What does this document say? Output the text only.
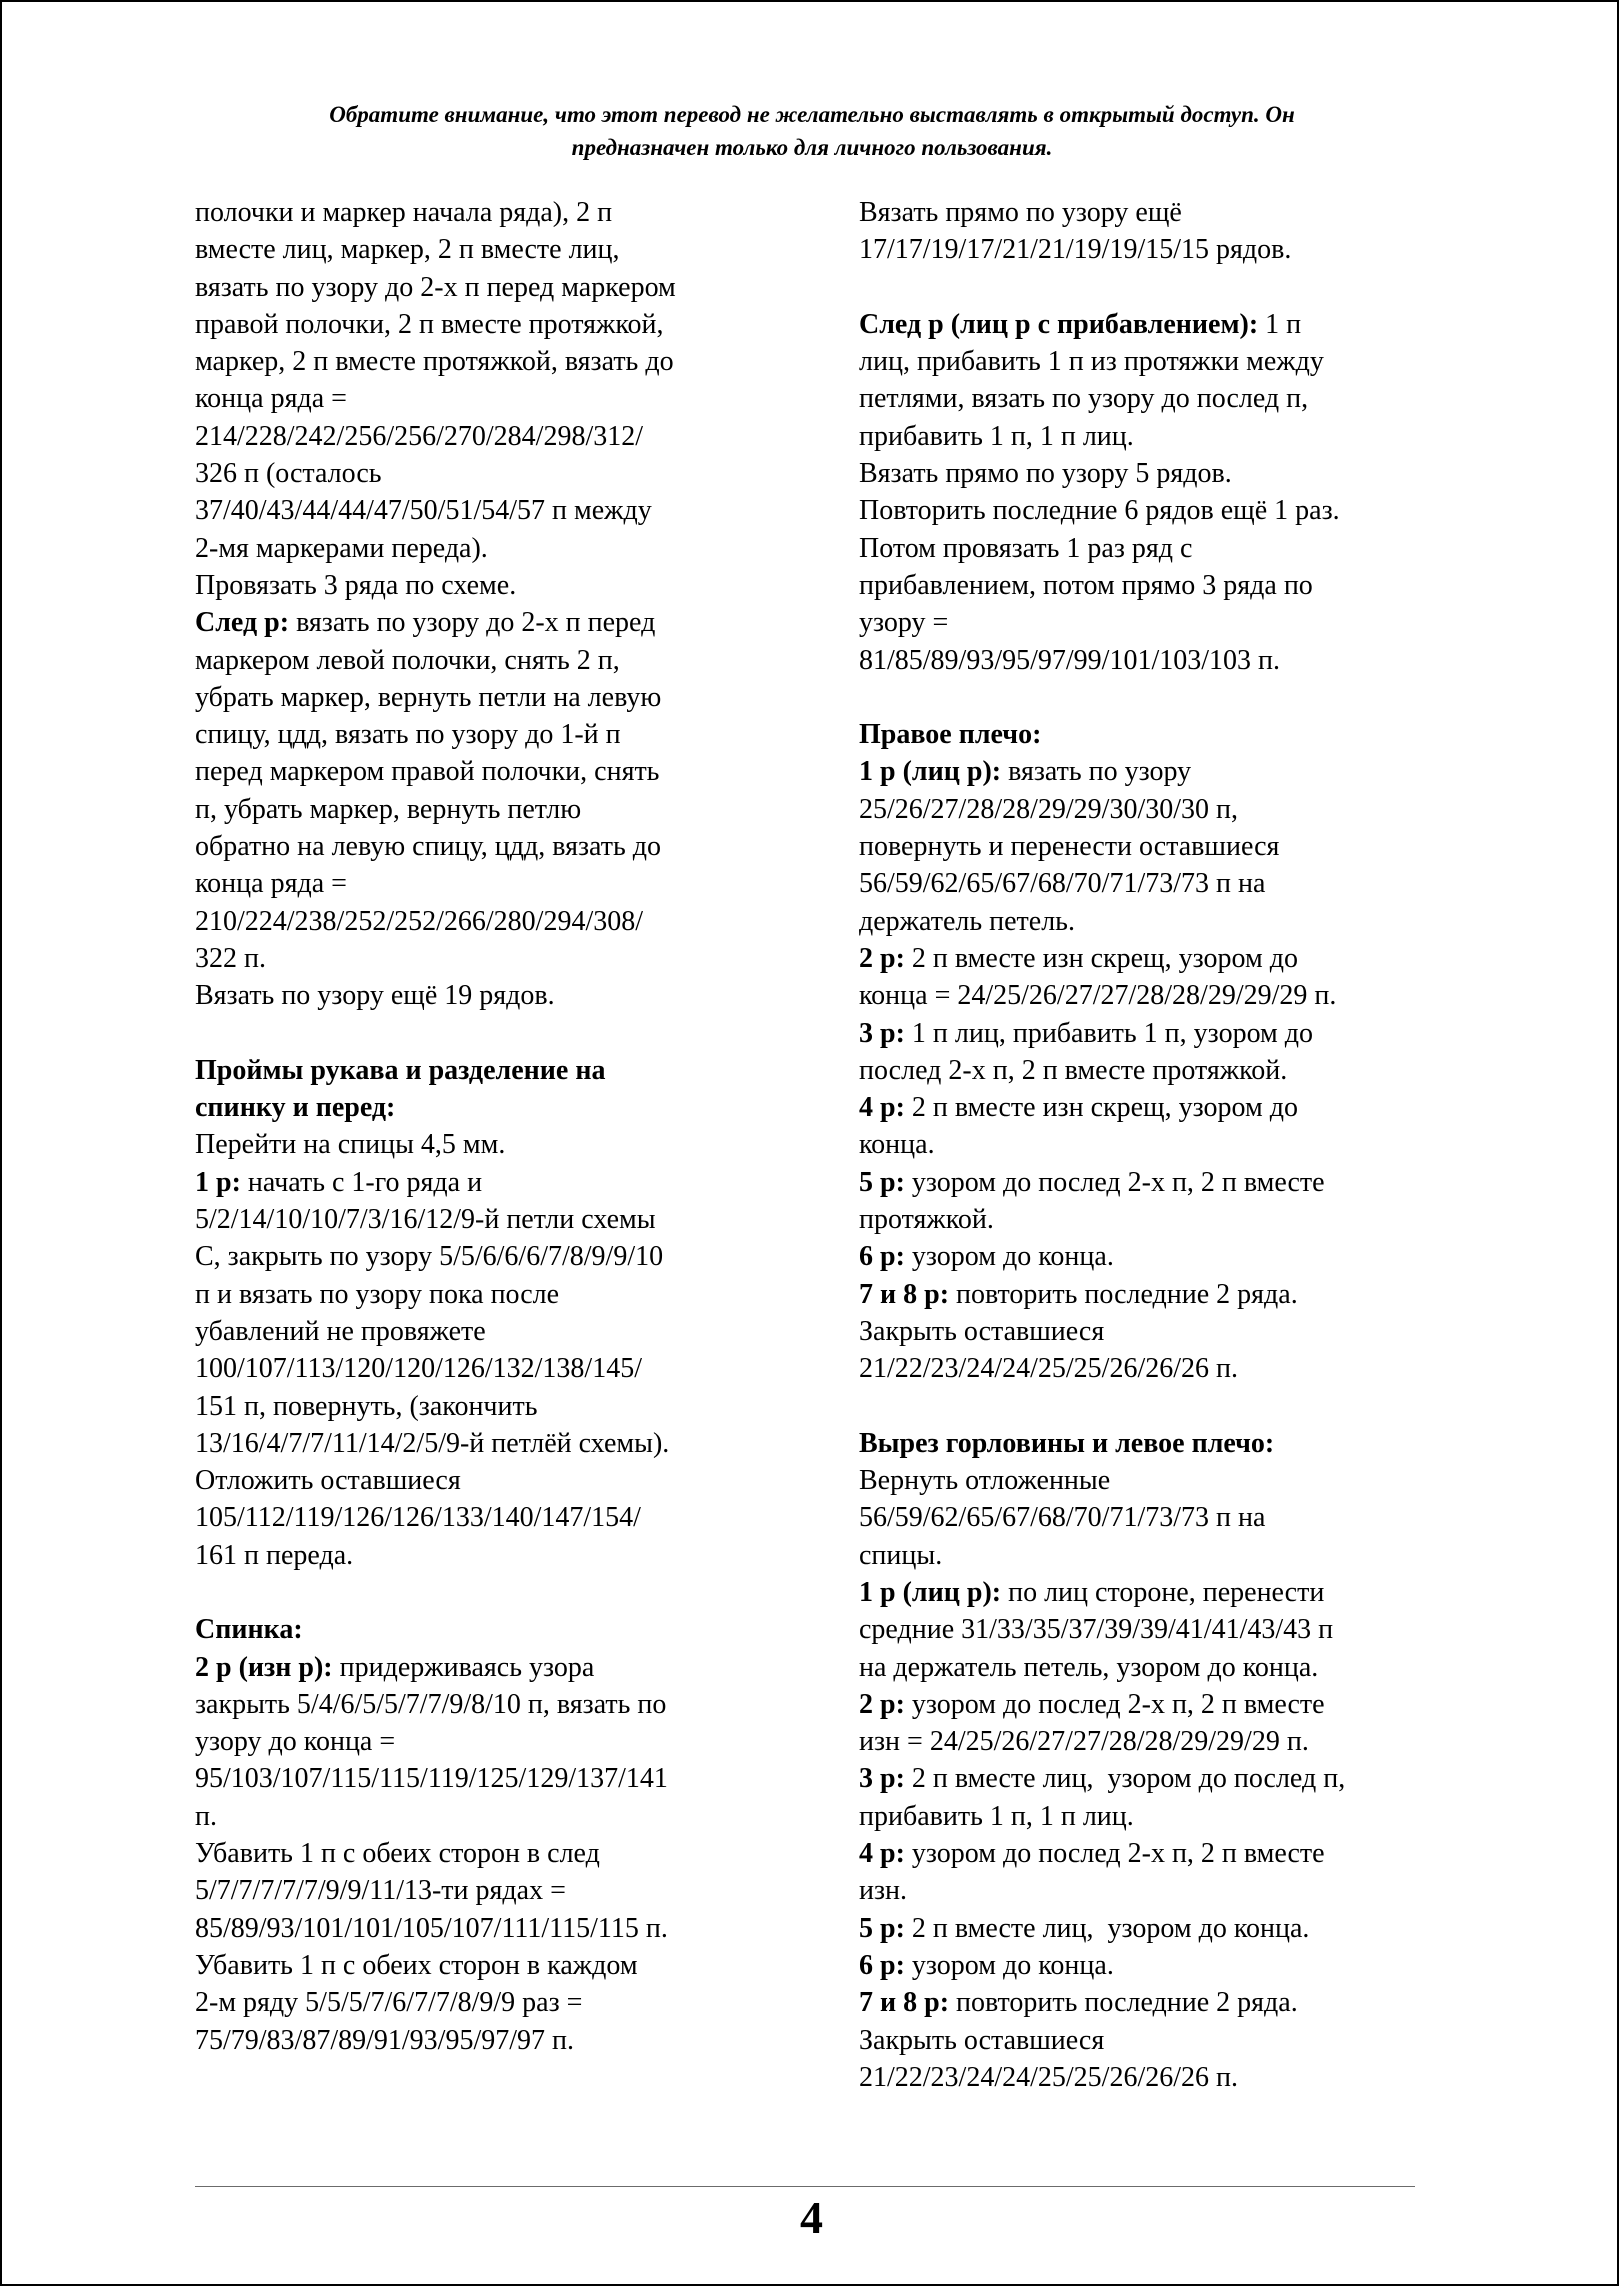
Обратите внимание, что этот перевод не желательно выставлять в открытый доступ. Он
предназначен только для личного пользования.

полочки и маркер начала ряда), 2 п

вместе лиц, маркер, 2 п вместе лиц,

вязать по узору до 2-х п перед маркером

правой полочки, 2 п вместе протяжкой,

маркер, 2 п вместе протяжкой, вязать до

конца ряда =

214/228/242/256/256/270/284/298/312/

326 п (осталось

37/40/43/44/44/47/50/51/54/57 п между

2-мя маркерами переда).

Провязать 3 ряда по схеме.

След р: вязать по узору до 2-х п перед

маркером левой полочки, снять 2 п,

убрать маркер, вернуть петли на левую

спицу, цдд, вязать по узору до 1-й п

перед маркером правой полочки, снять

п, убрать маркер, вернуть петлю

обратно на левую спицу, цдд, вязать до

конца ряда =

210/224/238/252/252/266/280/294/308/

322 п.

Вязать по узору ещё 19 рядов.

Проймы рукава и разделение на

спинку и перед:

Перейти на спицы 4,5 мм.

1 р: начать с 1-го ряда и

5/2/14/10/10/7/3/16/12/9-й петли схемы

С, закрыть по узору 5/5/6/6/6/7/8/9/9/10

п и вязать по узору пока после

убавлений не провяжете

100/107/113/120/120/126/132/138/145/

151 п, повернуть, (закончить

13/16/4/7/7/11/14/2/5/9-й петлёй схемы).

Отложить оставшиеся

105/112/119/126/126/133/140/147/154/

161 п переда.

Спинка:

2 р (изн р): придерживаясь узора

закрыть 5/4/6/5/5/7/7/9/8/10 п, вязать по

узору до конца =

95/103/107/115/115/119/125/129/137/141

п.

Убавить 1 п с обеих сторон в след

5/7/7/7/7/7/9/9/11/13-ти рядах =

85/89/93/101/101/105/107/111/115/115 п.

Убавить 1 п с обеих сторон в каждом

2-м ряду 5/5/5/7/6/7/7/8/9/9 раз =

75/79/83/87/89/91/93/95/97/97 п.

Вязать прямо по узору ещё

17/17/19/17/21/21/19/19/15/15 рядов.

След р (лиц р с прибавлением): 1 п

лиц, прибавить 1 п из протяжки между

петлями, вязать по узору до послед п,

прибавить 1 п, 1 п лиц.

Вязать прямо по узору 5 рядов.

Повторить последние 6 рядов ещё 1 раз.

Потом провязать 1 раз ряд с

прибавлением, потом прямо 3 ряда по

узору =

81/85/89/93/95/97/99/101/103/103 п.

Правое плечо:

1 р (лиц р): вязать по узору

25/26/27/28/28/29/29/30/30/30 п,

повернуть и перенести оставшиеся

56/59/62/65/67/68/70/71/73/73 п на

держатель петель.

2 р: 2 п вместе изн скрещ, узором до

конца = 24/25/26/27/27/28/28/29/29/29 п.

3 р: 1 п лиц, прибавить 1 п, узором до

послед 2-х п, 2 п вместе протяжкой.

4 р: 2 п вместе изн скрещ, узором до

конца.

5 р: узором до послед 2-х п, 2 п вместе

протяжкой.

6 р: узором до конца.

7 и 8 р: повторить последние 2 ряда.

Закрыть оставшиеся

21/22/23/24/24/25/25/26/26/26 п.

Вырез горловины и левое плечо:

Вернуть отложенные

56/59/62/65/67/68/70/71/73/73 п на

спицы.

1 р (лиц р): по лиц стороне, перенести

средние 31/33/35/37/39/39/41/41/43/43 п

на держатель петель, узором до конца.

2 р: узором до послед 2-х п, 2 п вместе

изн = 24/25/26/27/27/28/28/29/29/29 п.

3 р: 2 п вместе лиц,  узором до послед п,

прибавить 1 п, 1 п лиц.

4 р: узором до послед 2-х п, 2 п вместе

изн.

5 р: 2 п вместе лиц,  узором до конца.

6 р: узором до конца.

7 и 8 р: повторить последние 2 ряда.

Закрыть оставшиеся

21/22/23/24/24/25/25/26/26/26 п.

4
